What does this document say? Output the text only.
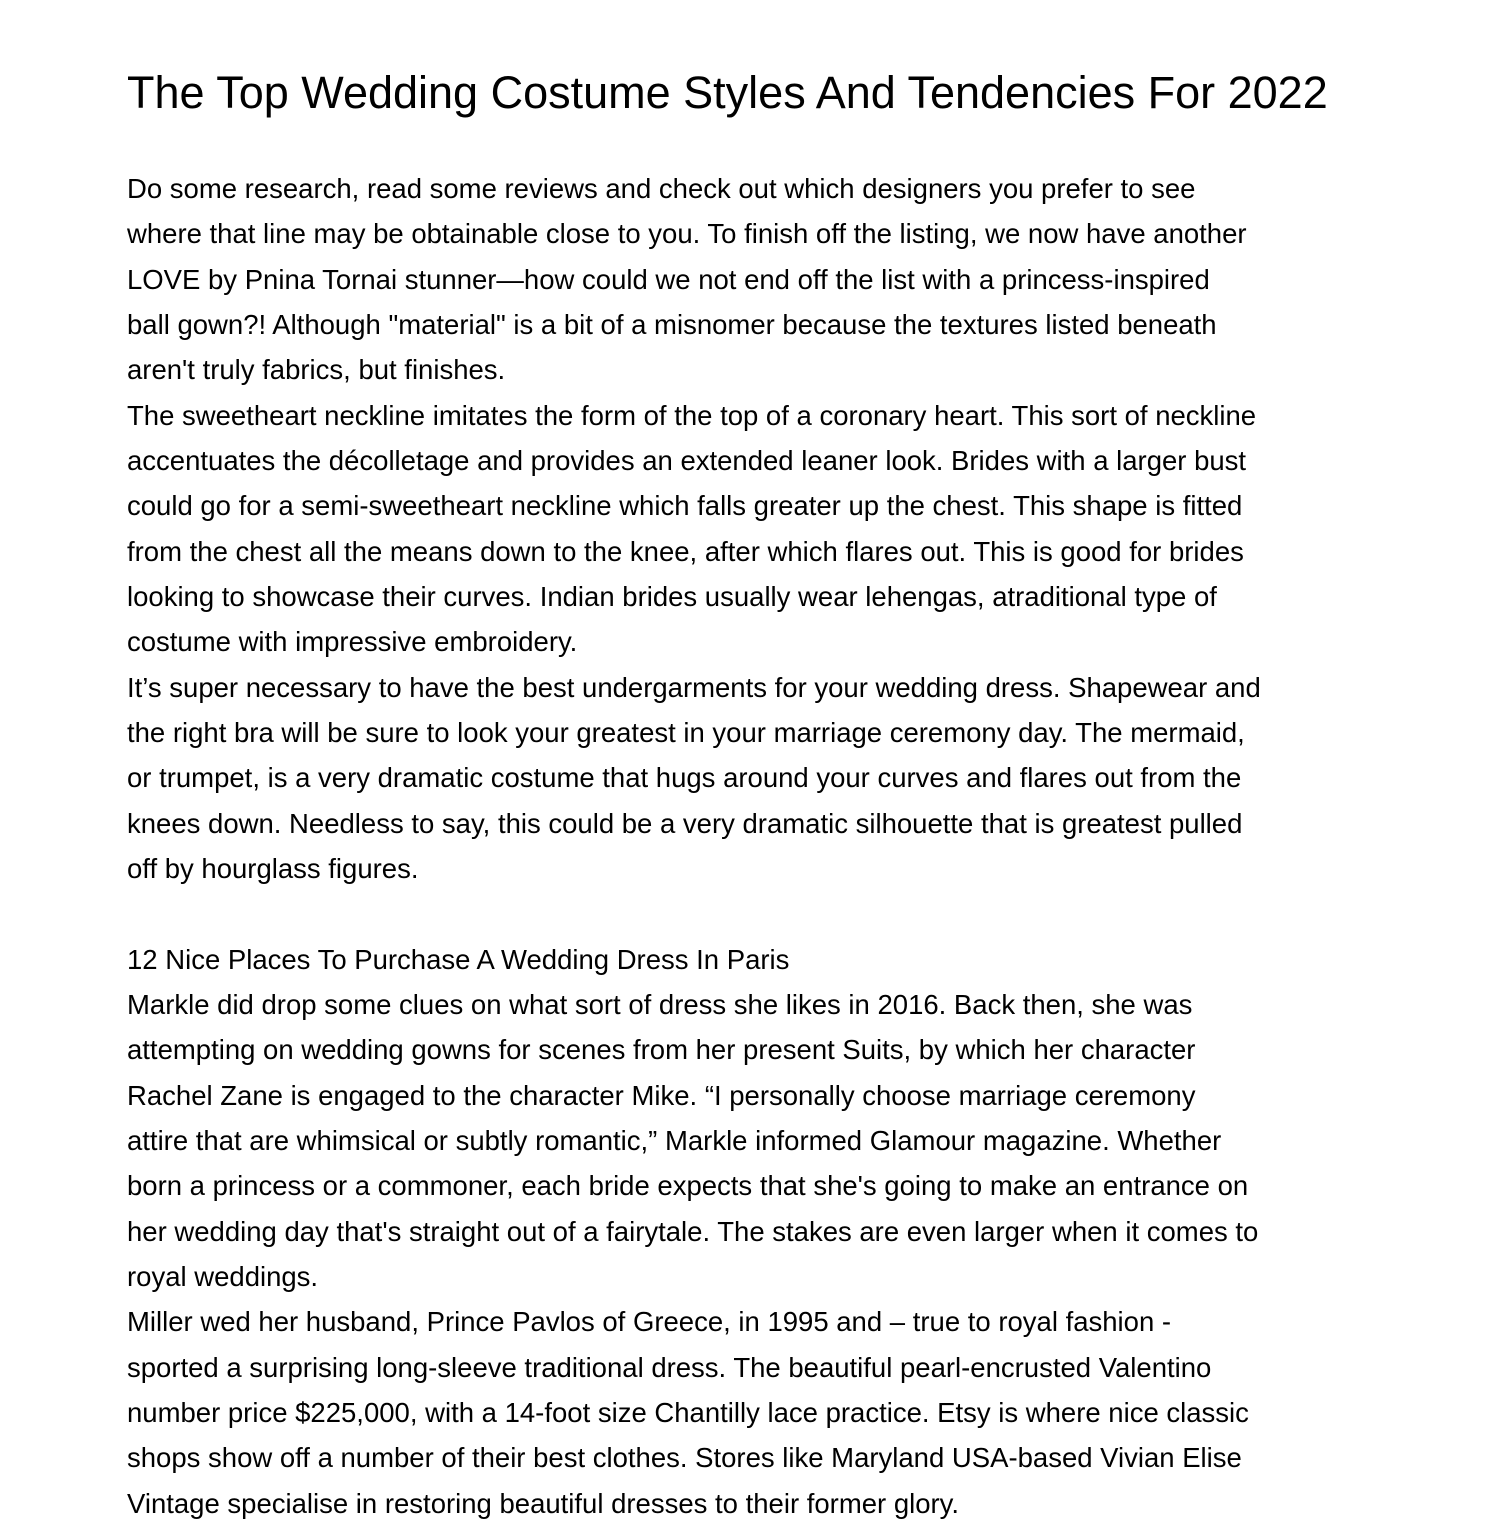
The Top Wedding Costume Styles And Tendencies For 2022
Do some research, read some reviews and check out which designers you prefer to see
where that line may be obtainable close to you. To finish off the listing, we now have another
LOVE by Pnina Tornai stunner—how could we not end off the list with a princess-inspired
ball gown?! Although "material" is a bit of a misnomer because the textures listed beneath
aren't truly fabrics, but finishes.
The sweetheart neckline imitates the form of the top of a coronary heart. This sort of neckline
accentuates the décolletage and provides an extended leaner look. Brides with a larger bust
could go for a semi-sweetheart neckline which falls greater up the chest. This shape is fitted
from the chest all the means down to the knee, after which flares out. This is good for brides
looking to showcase their curves. Indian brides usually wear lehengas, atraditional type of
costume with impressive embroidery.
It’s super necessary to have the best undergarments for your wedding dress. Shapewear and
the right bra will be sure to look your greatest in your marriage ceremony day. The mermaid,
or trumpet, is a very dramatic costume that hugs around your curves and flares out from the
knees down. Needless to say, this could be a very dramatic silhouette that is greatest pulled
off by hourglass figures.
12 Nice Places To Purchase A Wedding Dress In Paris
Markle did drop some clues on what sort of dress she likes in 2016. Back then, she was
attempting on wedding gowns for scenes from her present Suits, by which her character
Rachel Zane is engaged to the character Mike. “I personally choose marriage ceremony
attire that are whimsical or subtly romantic,” Markle informed Glamour magazine. Whether
born a princess or a commoner, each bride expects that she's going to make an entrance on
her wedding day that's straight out of a fairytale. The stakes are even larger when it comes to
royal weddings.
Miller wed her husband, Prince Pavlos of Greece, in 1995 and – true to royal fashion -
sported a surprising long-sleeve traditional dress. The beautiful pearl-encrusted Valentino
number price $225,000, with a 14-foot size Chantilly lace practice. Etsy is where nice classic
shops show off a number of their best clothes. Stores like Maryland USA-based Vivian Elise
Vintage specialise in restoring beautiful dresses to their former glory.
